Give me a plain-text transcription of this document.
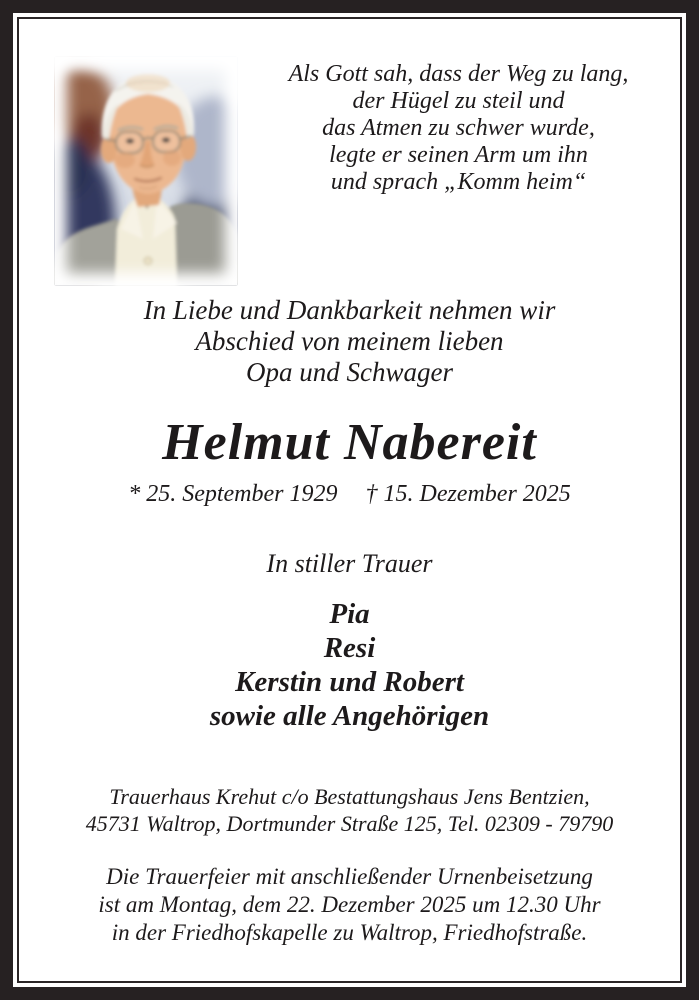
Als Gott sah, dass der Weg zu lang,
der Hügel zu steil und
das Atmen zu schwer wurde,
legte er seinen Arm um ihn
und sprach „Komm heim“
In Liebe und Dankbarkeit nehmen wir
Abschied von meinem lieben
Opa und Schwager
Helmut Nabereit
* 25. September 1929 † 15. Dezember 2025
In stiller Trauer
Pia
Resi
Kerstin und Robert
sowie alle Angehörigen
Trauerhaus Krehut c/o Bestattungshaus Jens Bentzien,
45731 Waltrop, Dortmunder Straße 125, Tel. 02309 - 79790
Die Trauerfeier mit anschließender Urnenbeisetzung
ist am Montag, dem 22. Dezember 2025 um 12.30 Uhr
in der Friedhofskapelle zu Waltrop, Friedhofstraße.
